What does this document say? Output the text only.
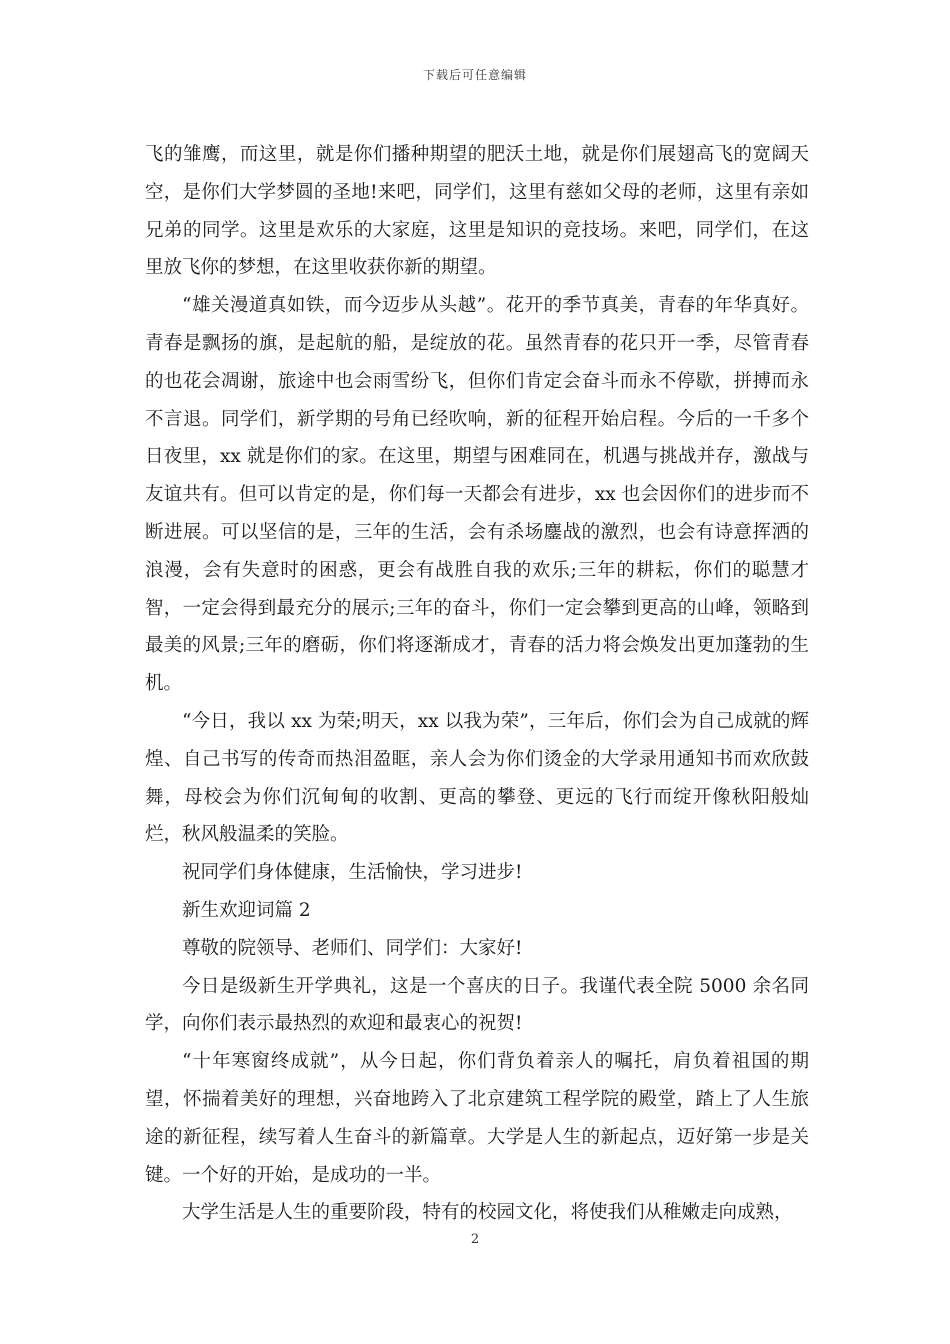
下载后可任意编辑

飞的雏鹰，而这里，就是你们播种期望的肥沃土地，就是你们展翅高飞的宽阔天空，是你们大学梦圆的圣地!来吧，同学们，这里有慈如父母的老师，这里有亲如兄弟的同学。这里是欢乐的大家庭，这里是知识的竞技场。来吧，同学们，在这里放飞你的梦想，在这里收获你新的期望。

“雄关漫道真如铁，而今迈步从头越”。花开的季节真美，青春的年华真好。青春是飘扬的旗，是起航的船，是绽放的花。虽然青春的花只开一季，尽管青春的也花会凋谢，旅途中也会雨雪纷飞，但你们肯定会奋斗而永不停歇，拼搏而永不言退。同学们，新学期的号角已经吹响，新的征程开始启程。今后的一千多个日夜里，xx 就是你们的家。在这里，期望与困难同在，机遇与挑战并存，激战与友谊共有。但可以肯定的是，你们每一天都会有进步，xx 也会因你们的进步而不断进展。可以坚信的是，三年的生活，会有杀场鏖战的激烈，也会有诗意挥洒的浪漫，会有失意时的困惑，更会有战胜自我的欢乐;三年的耕耘，你们的聪慧才智，一定会得到最充分的展示;三年的奋斗，你们一定会攀到更高的山峰，领略到最美的风景;三年的磨砺，你们将逐渐成才，青春的活力将会焕发出更加蓬勃的生机。

“今日，我以 xx 为荣;明天，xx 以我为荣”，三年后，你们会为自己成就的辉煌、自己书写的传奇而热泪盈眶，亲人会为你们烫金的大学录用通知书而欢欣鼓舞，母校会为你们沉甸甸的收割、更高的攀登、更远的飞行而绽开像秋阳般灿烂，秋风般温柔的笑脸。

祝同学们身体健康，生活愉快，学习进步!

新生欢迎词篇 2

尊敬的院领导、老师们、同学们：大家好!

今日是级新生开学典礼，这是一个喜庆的日子。我谨代表全院 5000 余名同学，向你们表示最热烈的欢迎和最衷心的祝贺!

“十年寒窗终成就”，从今日起，你们背负着亲人的嘱托，肩负着祖国的期望，怀揣着美好的理想，兴奋地跨入了北京建筑工程学院的殿堂，踏上了人生旅途的新征程，续写着人生奋斗的新篇章。大学是人生的新起点，迈好第一步是关键。一个好的开始，是成功的一半。

大学生活是人生的重要阶段，特有的校园文化，将使我们从稚嫩走向成熟，

2
